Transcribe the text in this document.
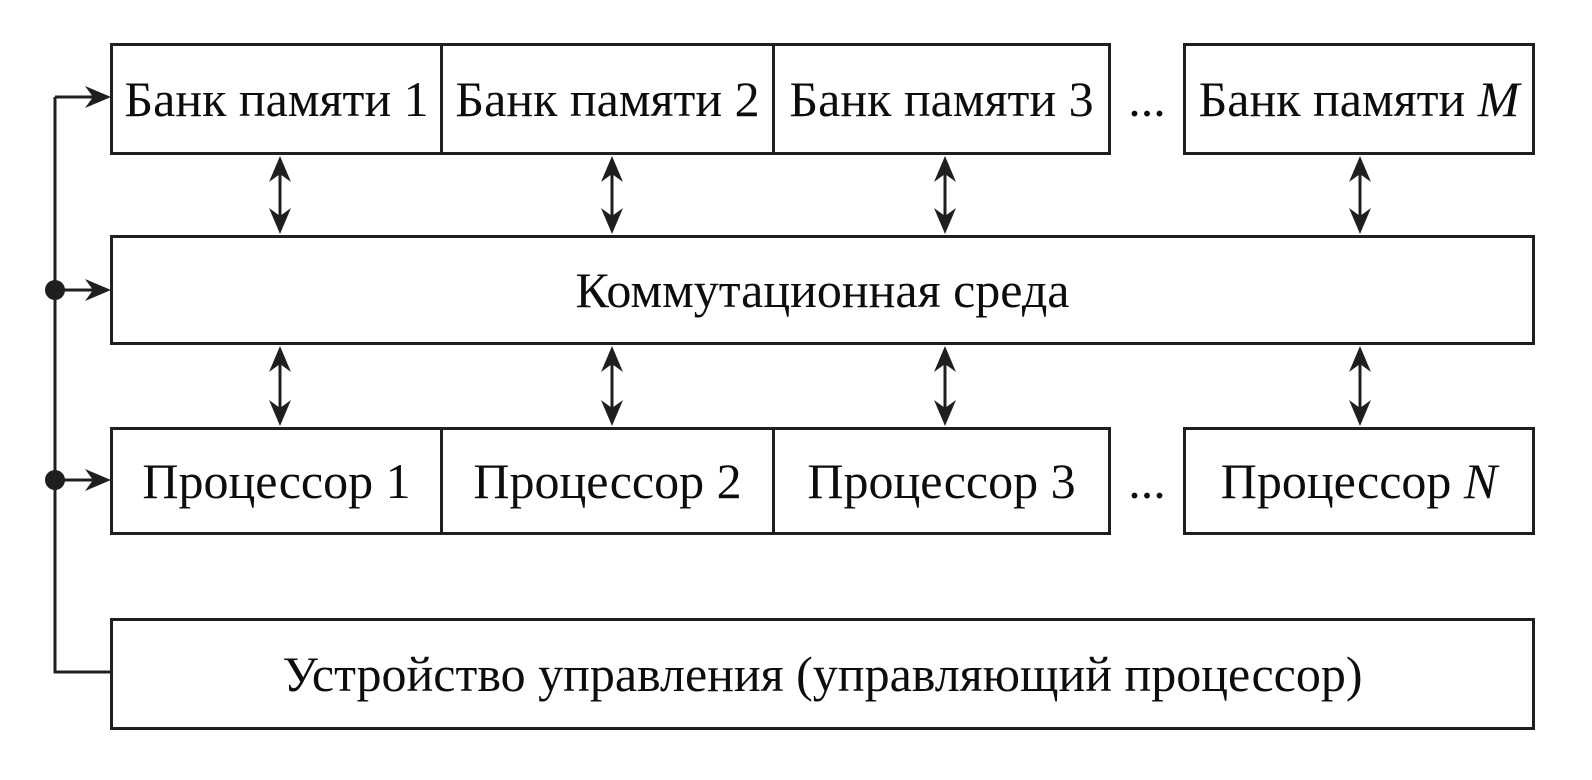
Банк памяти 1 Банк памяти 2 Банк памяти 3 ... Банк памяти M
Коммутационная среда
Процессор 1 Процессор 2 Процессор 3 ... Процессор N
Устройство управления (управляющий процессор)
